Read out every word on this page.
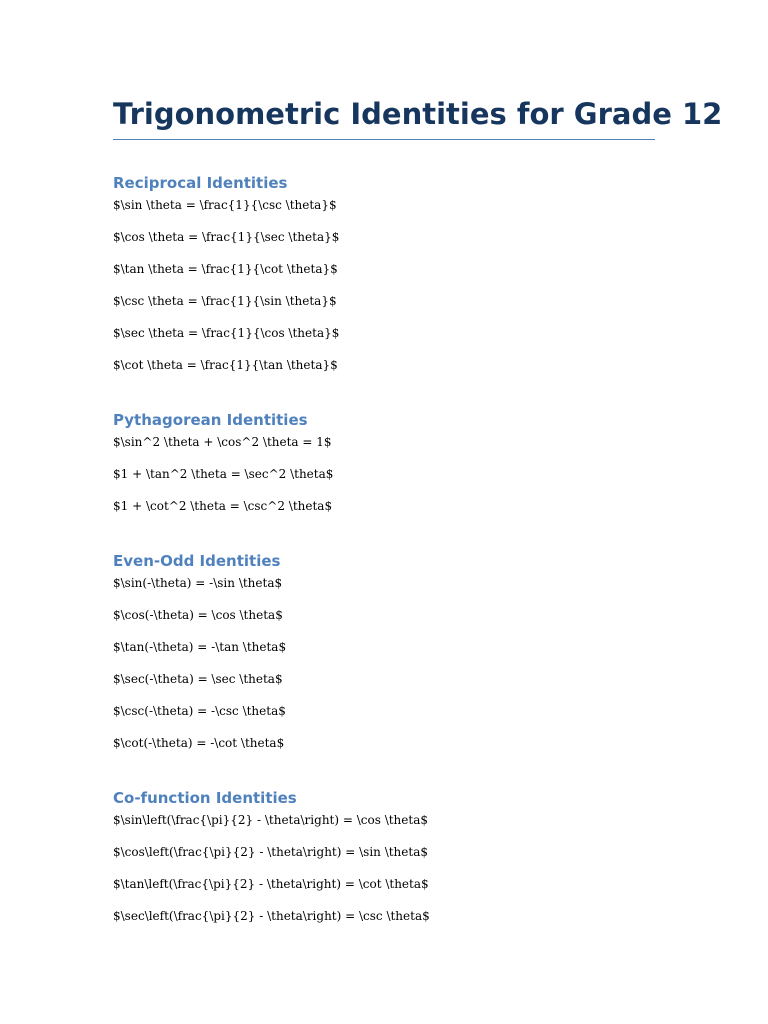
Trigonometric Identities for Grade 12
Reciprocal Identities
$\sin \theta = \frac{1}{\csc \theta}$
$\cos \theta = \frac{1}{\sec \theta}$
$\tan \theta = \frac{1}{\cot \theta}$
$\csc \theta = \frac{1}{\sin \theta}$
$\sec \theta = \frac{1}{\cos \theta}$
$\cot \theta = \frac{1}{\tan \theta}$
Pythagorean Identities
$\sin^2 \theta + \cos^2 \theta = 1$
$1 + \tan^2 \theta = \sec^2 \theta$
$1 + \cot^2 \theta = \csc^2 \theta$
Even-Odd Identities
$\sin(-\theta) = -\sin \theta$
$\cos(-\theta) = \cos \theta$
$\tan(-\theta) = -\tan \theta$
$\sec(-\theta) = \sec \theta$
$\csc(-\theta) = -\csc \theta$
$\cot(-\theta) = -\cot \theta$
Co-function Identities
$\sin\left(\frac{\pi}{2} - \theta\right) = \cos \theta$
$\cos\left(\frac{\pi}{2} - \theta\right) = \sin \theta$
$\tan\left(\frac{\pi}{2} - \theta\right) = \cot \theta$
$\sec\left(\frac{\pi}{2} - \theta\right) = \csc \theta$
